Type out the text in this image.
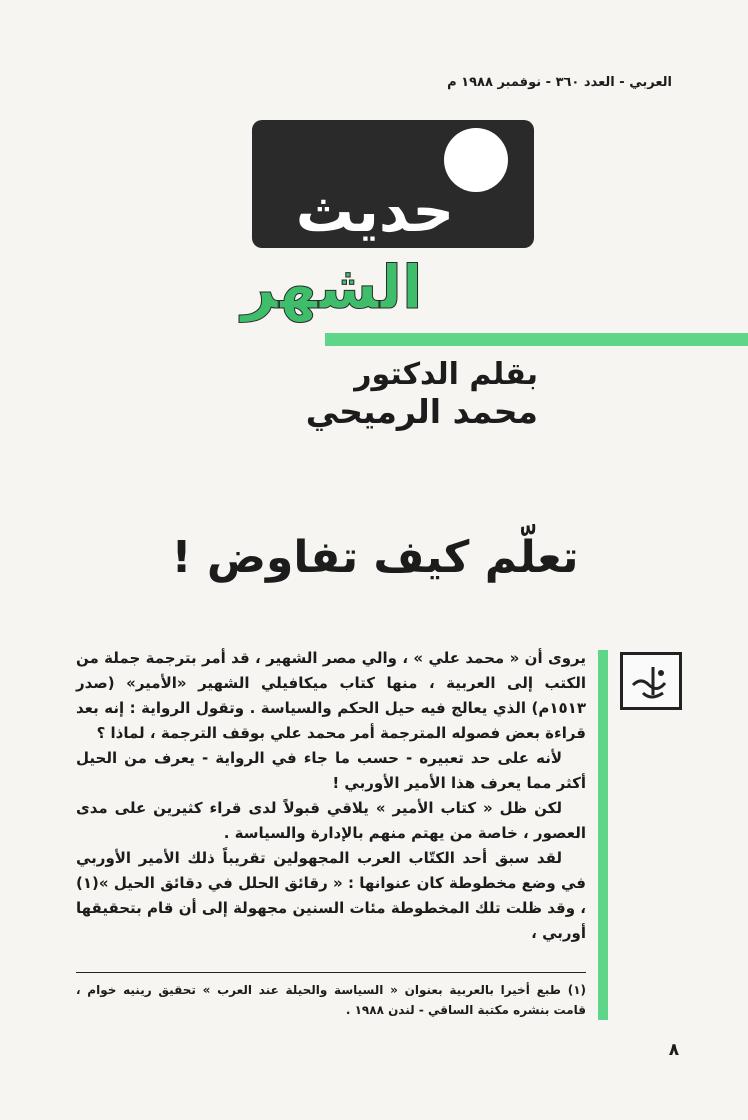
العربي - العدد ٣٦٠ - نوفمبر ١٩٨٨ م
حديث
الشهر
بقلم الدكتور
محمد الرميحي
تعلّم كيف تفاوض !

يروى أن « محمد علي » ، والي مصر الشهير ، قد أمر بترجمة جملة من الكتب إلى العربية ، منها كتاب ميكافيلي الشهير «الأمير» (صدر ١٥١٣م) الذي يعالج فيه حيل الحكم والسياسة . وتقول الرواية : إنه بعد قراءة بعض فصوله المترجمة أمر محمد علي بوقف الترجمة ، لماذا ؟

لأنه على حد تعبيره - حسب ما جاء في الرواية - يعرف من الحيل أكثر مما يعرف هذا الأمير الأوربي !

لكن ظل « كتاب الأمير » يلاقي قبولاً لدى قراء كثيرين على مدى العصور ، خاصة من يهتم منهم بالإدارة والسياسة .

لقد سبق أحد الكتّاب العرب المجهولين تقريباً ذلك الأمير الأوربي في وضع مخطوطة كان عنوانها : « رقائق الحلل في دقائق الحيل »(١) ، وقد ظلت تلك المخطوطة مئات السنين مجهولة إلى أن قام بتحقيقها أوربي ،

(١) طبع أخيرا بالعربية بعنوان « السياسة والحيلة عند العرب » تحقيق رينيه خوام ، قامت بنشره مكتبة الساقي - لندن ١٩٨٨ .
٨
